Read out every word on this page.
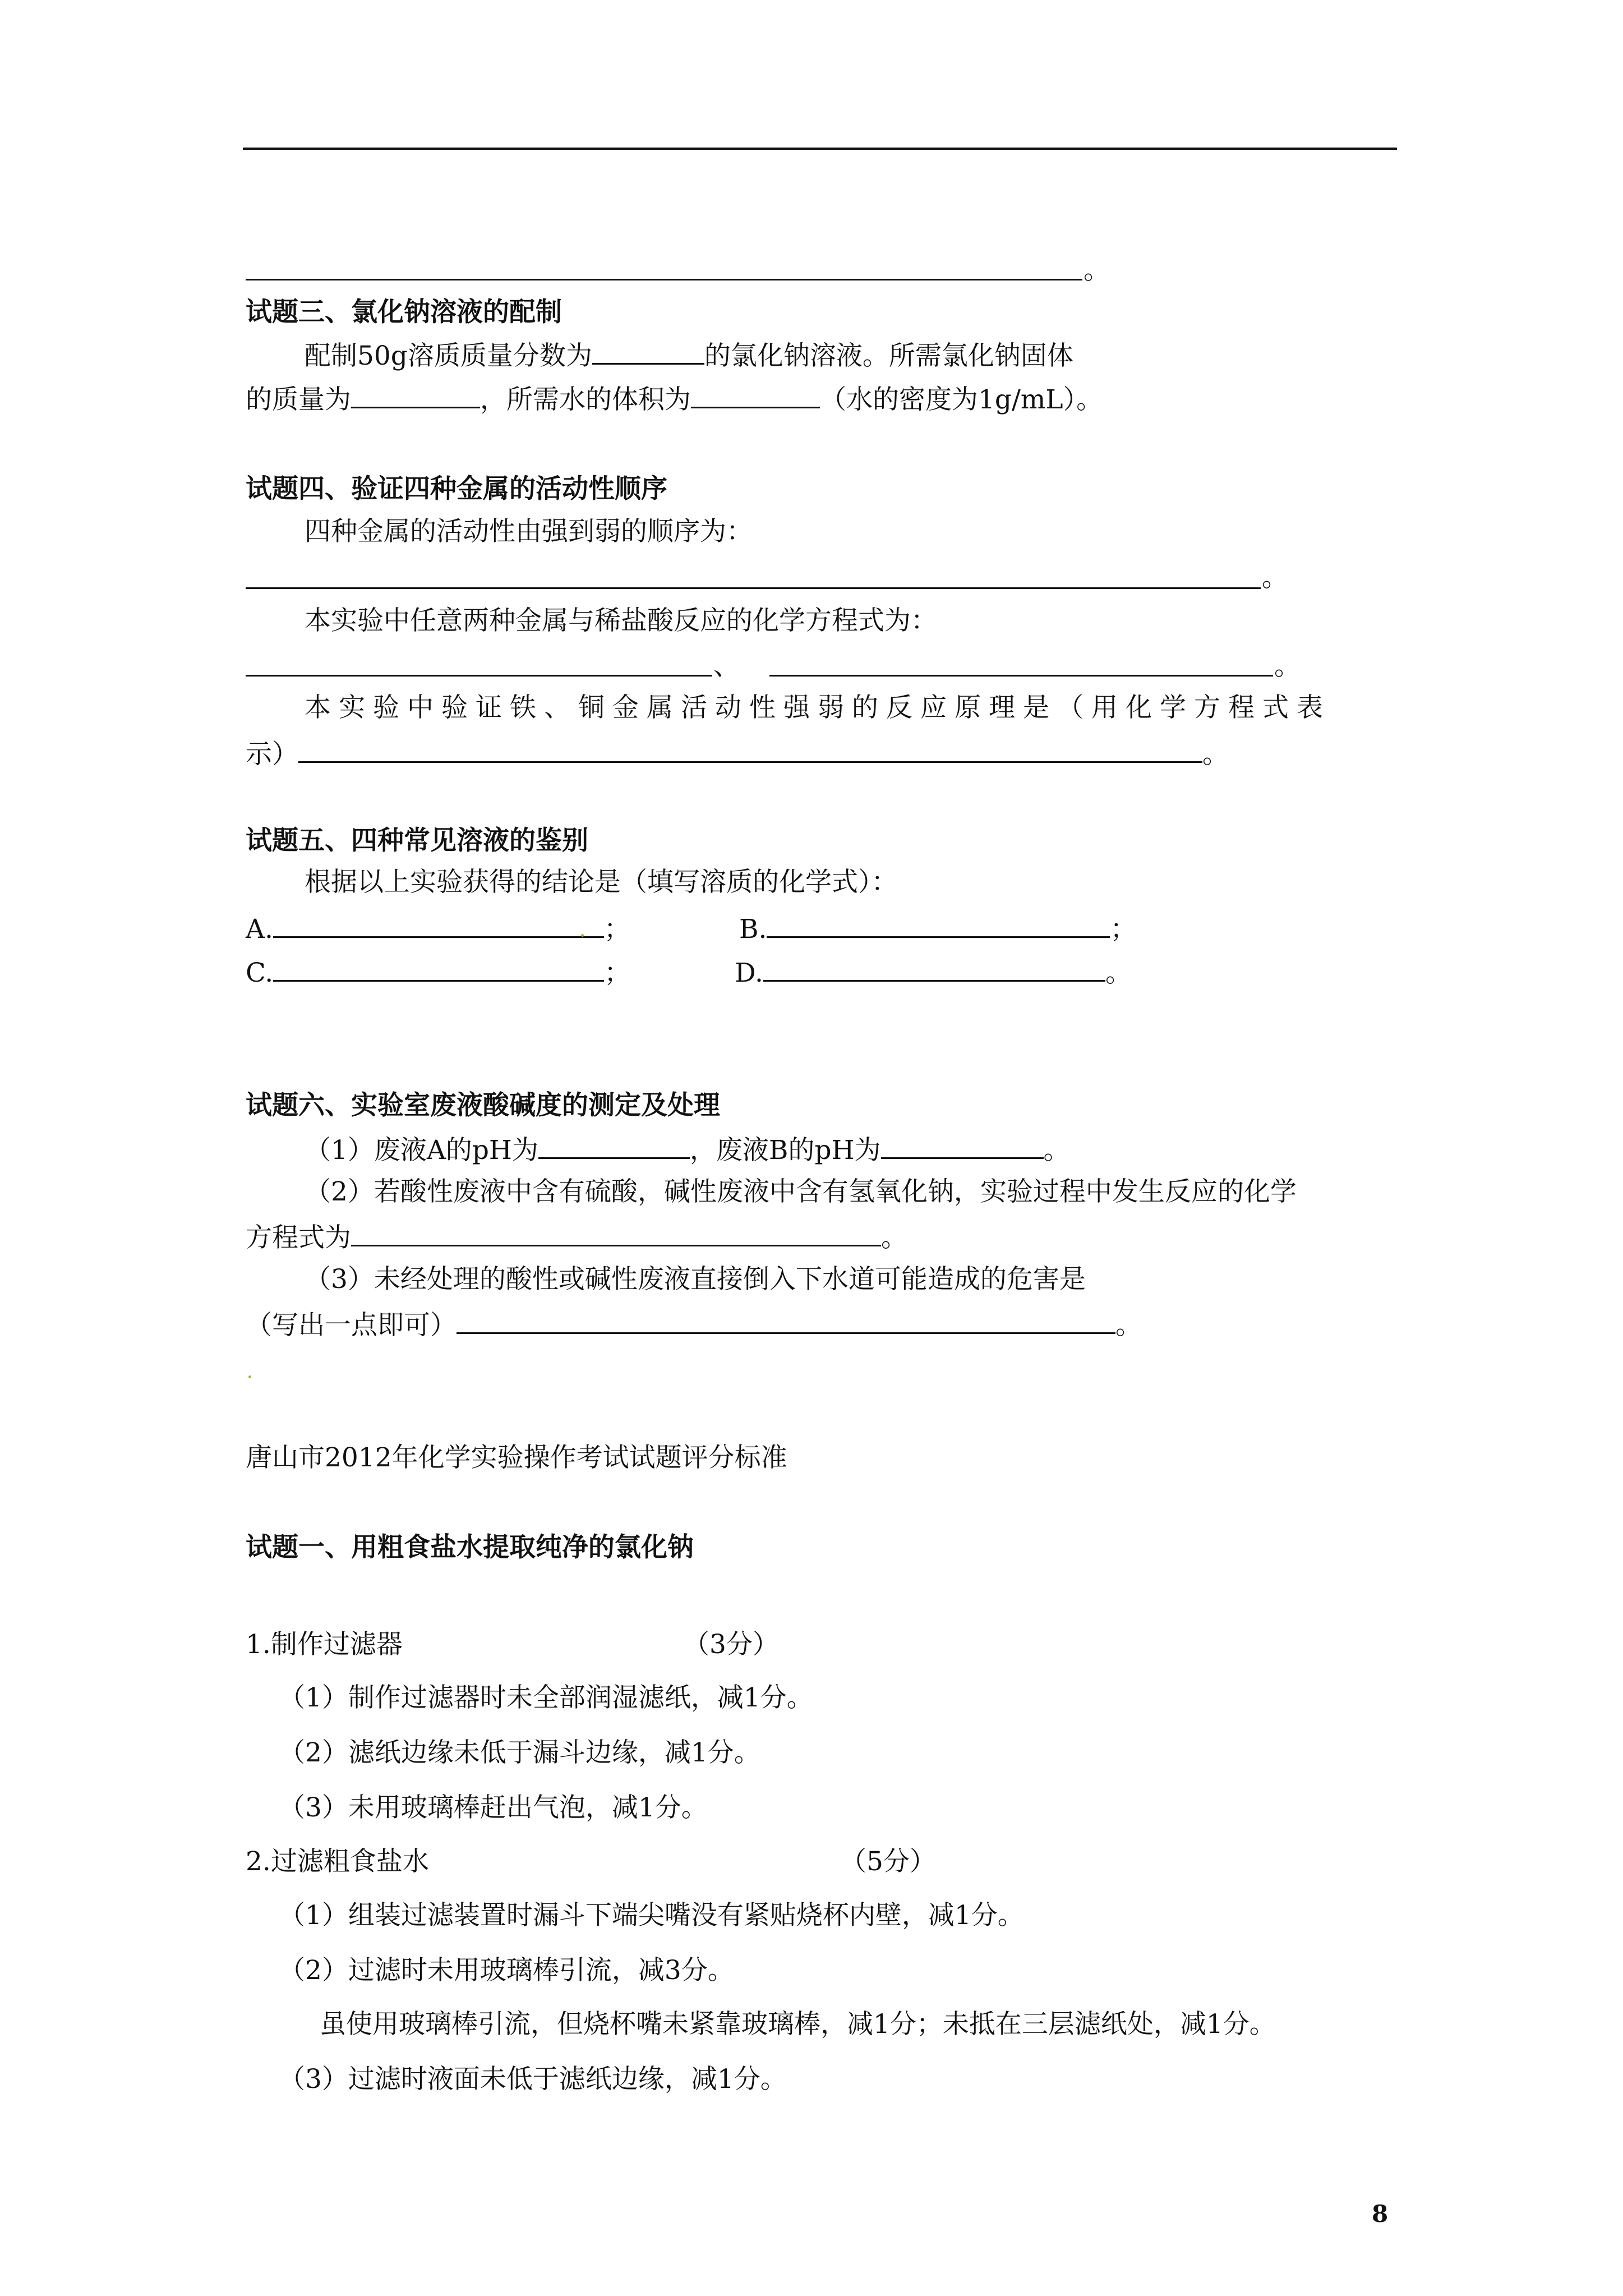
。
试题三、氯化钠溶液的配制
配制50g溶质质量分数为	的氯化钠溶液。所需氯化钠固体
的质量为	，所需水的体积为	（水的密度为1g/mL）。
试题四、验证四种金属的活动性顺序
四种金属的活动性由强到弱的顺序为：
。
本实验中任意两种金属与稀盐酸反应的化学方程式为：
、	。
本实验中验证铁、铜金属活动性强弱的反应原理是（用化学方程式表
示）	。
试题五、四种常见溶液的鉴别
根据以上实验获得的结论是（填写溶质的化学式）：
A.	；	B.	；
C.	；	D.	。
试题六、实验室废液酸碱度的测定及处理
（1）废液A的pH为	，废液B的pH为	。
（2）若酸性废液中含有硫酸，碱性废液中含有氢氧化钠，实验过程中发生反应的化学
方程式为	。
（3）未经处理的酸性或碱性废液直接倒入下水道可能造成的危害是
（写出一点即可）	。
唐山市2012年化学实验操作考试试题评分标准
试题一、用粗食盐水提取纯净的氯化钠
1.制作过滤器	（3分）
（1）制作过滤器时未全部润湿滤纸，减1分。
（2）滤纸边缘未低于漏斗边缘，减1分。
（3）未用玻璃棒赶出气泡，减1分。
2.过滤粗食盐水	（5分）
（1）组装过滤装置时漏斗下端尖嘴没有紧贴烧杯内壁，减1分。
（2）过滤时未用玻璃棒引流，减3分。
虽使用玻璃棒引流，但烧杯嘴未紧靠玻璃棒，减1分；未抵在三层滤纸处，减1分。
（3）过滤时液面未低于滤纸边缘，减1分。
8
